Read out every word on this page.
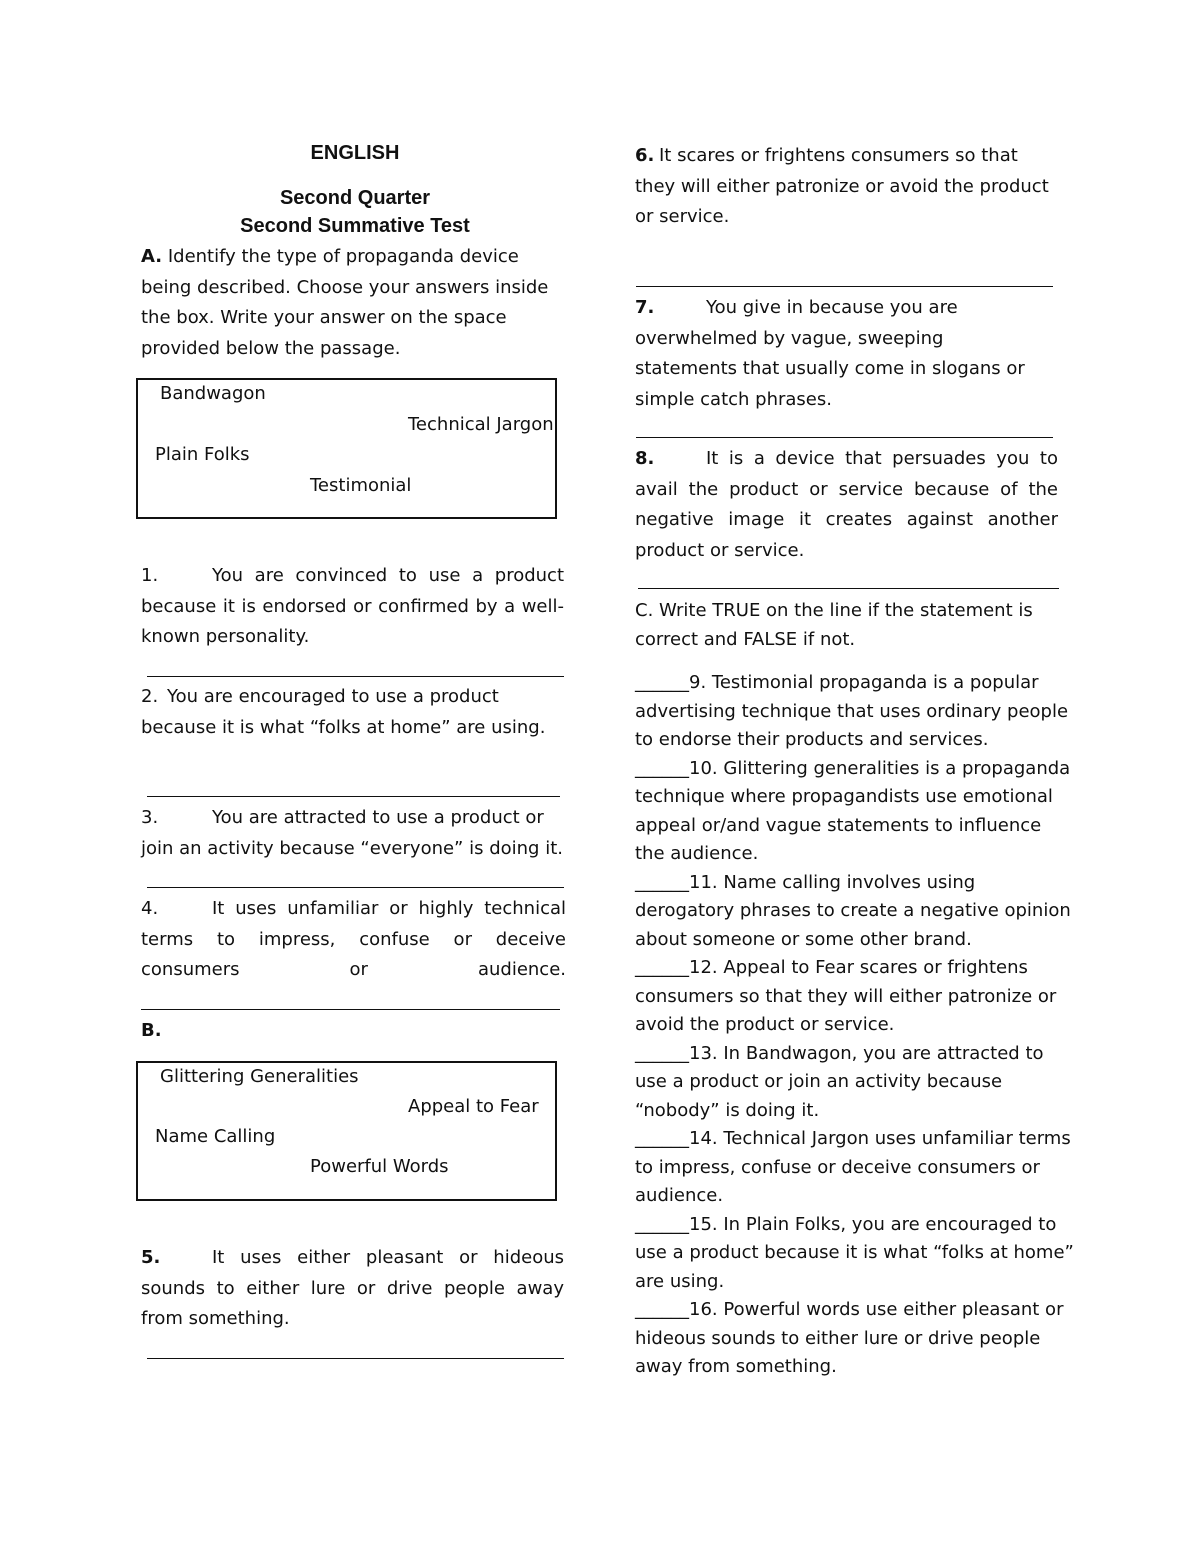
ENGLISH
Second Quarter
Second Summative Test

A. Identify the type of propaganda device being described. Choose your answers inside the box. Write your answer on the space provided below the passage.

Bandwagon
Technical Jargon
Plain Folks
Testimonial

1.	You are convinced to use a product because it is endorsed or confirmed by a well-known personality.

2. You are encouraged to use a product because it is what “folks at home” are using.

3.	You are attracted to use a product or join an activity because “everyone” is doing it.

4.	It uses unfamiliar or highly technical terms to impress, confuse or deceive consumers or audience.

B.

Glittering Generalities
Appeal to Fear
Name Calling
Powerful Words

5.	It uses either pleasant or hideous sounds to either lure or drive people away from something.

6. It scares or frightens consumers so that they will either patronize or avoid the product or service.

7.	You give in because you are overwhelmed by vague, sweeping statements that usually come in slogans or simple catch phrases.

8.	It is a device that persuades you to avail the product or service because of the negative image it creates against another product or service.

C. Write TRUE on the line if the statement is correct and FALSE if not.

______9. Testimonial propaganda is a popular advertising technique that uses ordinary people to endorse their products and services.

______10. Glittering generalities is a propaganda technique where propagandists use emotional appeal or/and vague statements to influence the audience.

______11. Name calling involves using derogatory phrases to create a negative opinion about someone or some other brand.

______12. Appeal to Fear scares or frightens consumers so that they will either patronize or avoid the product or service.

______13. In Bandwagon, you are attracted to use a product or join an activity because “nobody” is doing it.

______14. Technical Jargon uses unfamiliar terms to impress, confuse or deceive consumers or audience.

______15. In Plain Folks, you are encouraged to use a product because it is what “folks at home” are using.

______16. Powerful words use either pleasant or hideous sounds to either lure or drive people away from something.
